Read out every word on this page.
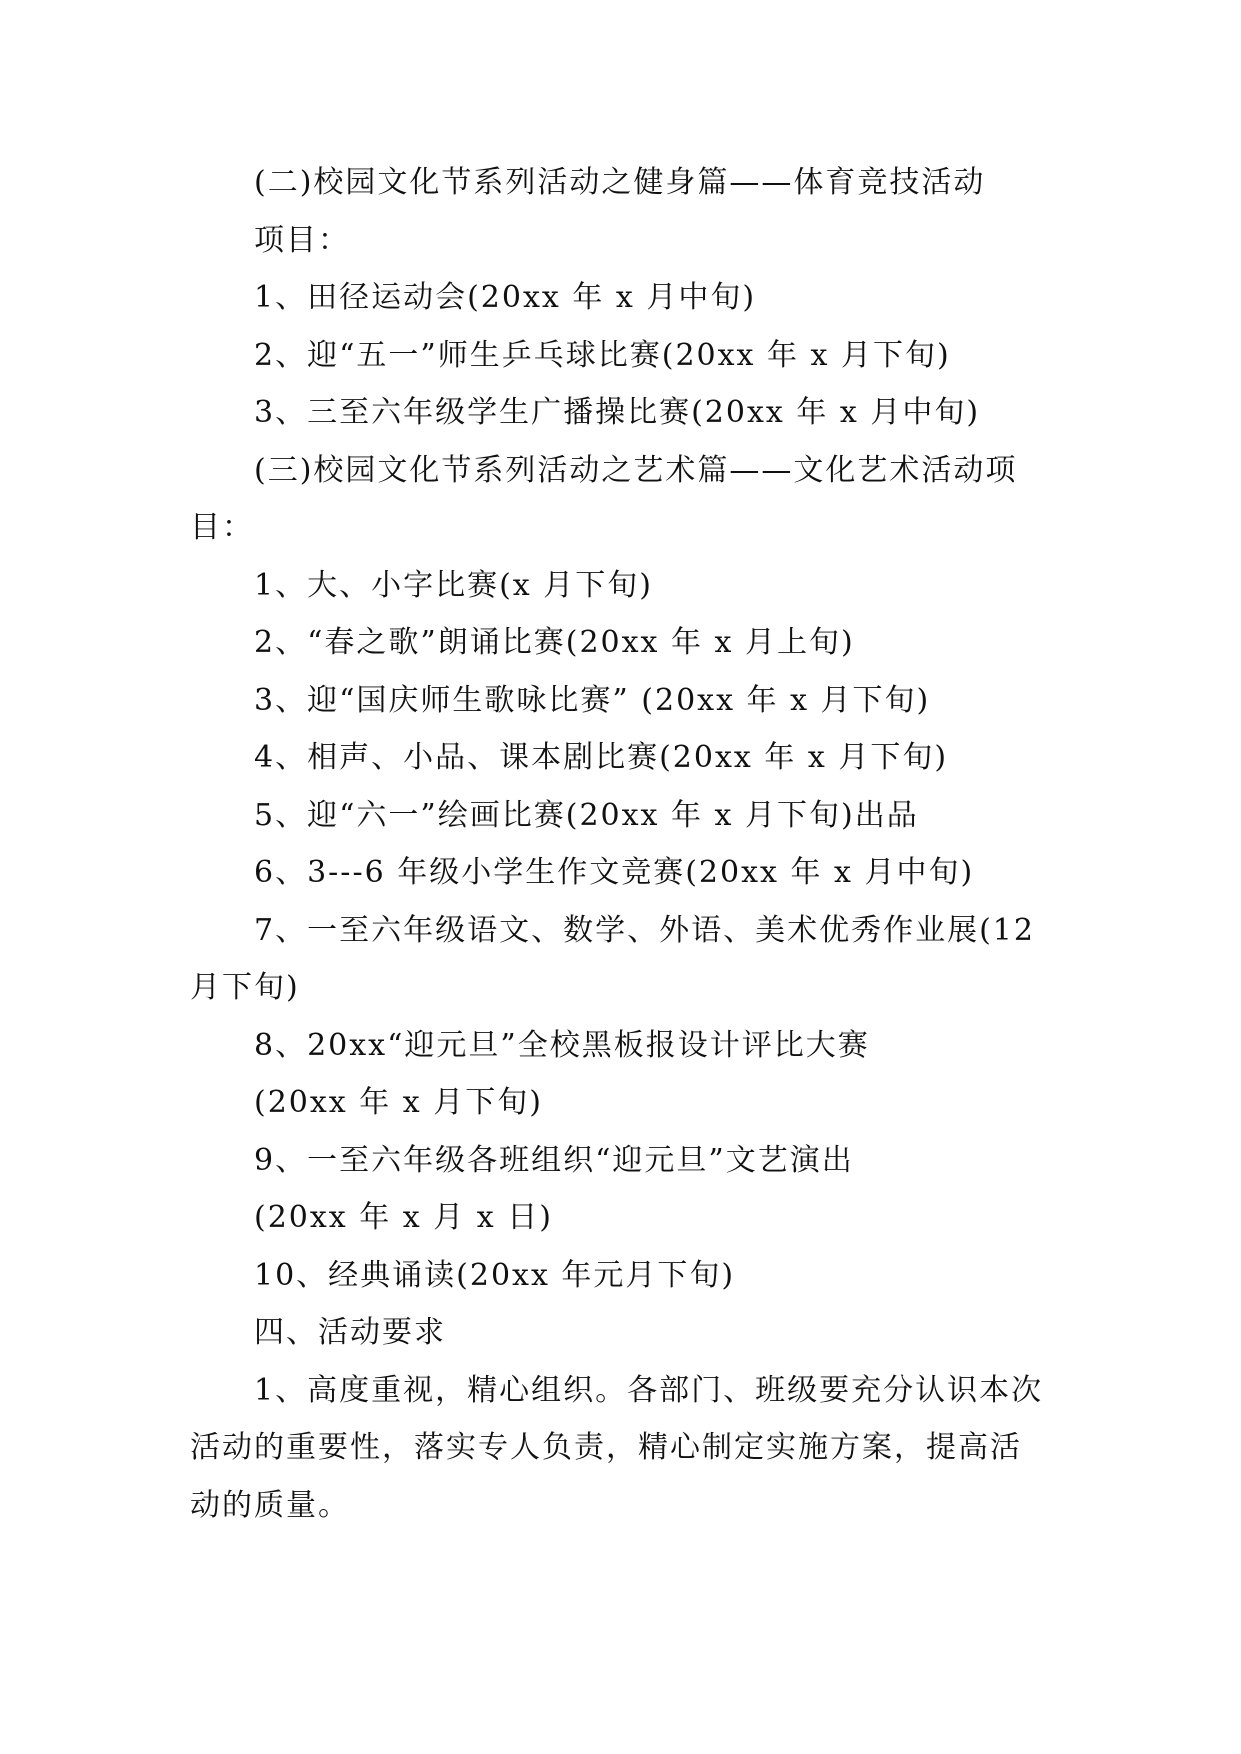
(二)校园文化节系列活动之健身篇——体育竞技活动

项目：

1、田径运动会(20xx 年 x 月中旬)

2、迎“五一”师生乒乓球比赛(20xx 年 x 月下旬)

3、三至六年级学生广播操比赛(20xx 年 x 月中旬)

(三)校园文化节系列活动之艺术篇——文化艺术活动项目：

1、大、小字比赛(x 月下旬)

2、“春之歌”朗诵比赛(20xx 年 x 月上旬)

3、迎“国庆师生歌咏比赛” (20xx 年 x 月下旬)

4、相声、小品、课本剧比赛(20xx 年 x 月下旬)

5、迎“六一”绘画比赛(20xx 年 x 月下旬)出品

6、3---6 年级小学生作文竞赛(20xx 年 x 月中旬)

7、一至六年级语文、数学、外语、美术优秀作业展(12月下旬)

8、20xx“迎元旦”全校黑板报设计评比大赛

(20xx 年 x 月下旬)

9、一至六年级各班组织“迎元旦”文艺演出

(20xx 年 x 月 x 日)

10、经典诵读(20xx 年元月下旬)

四、活动要求

1、高度重视，精心组织。各部门、班级要充分认识本次活动的重要性，落实专人负责，精心制定实施方案，提高活动的质量。
